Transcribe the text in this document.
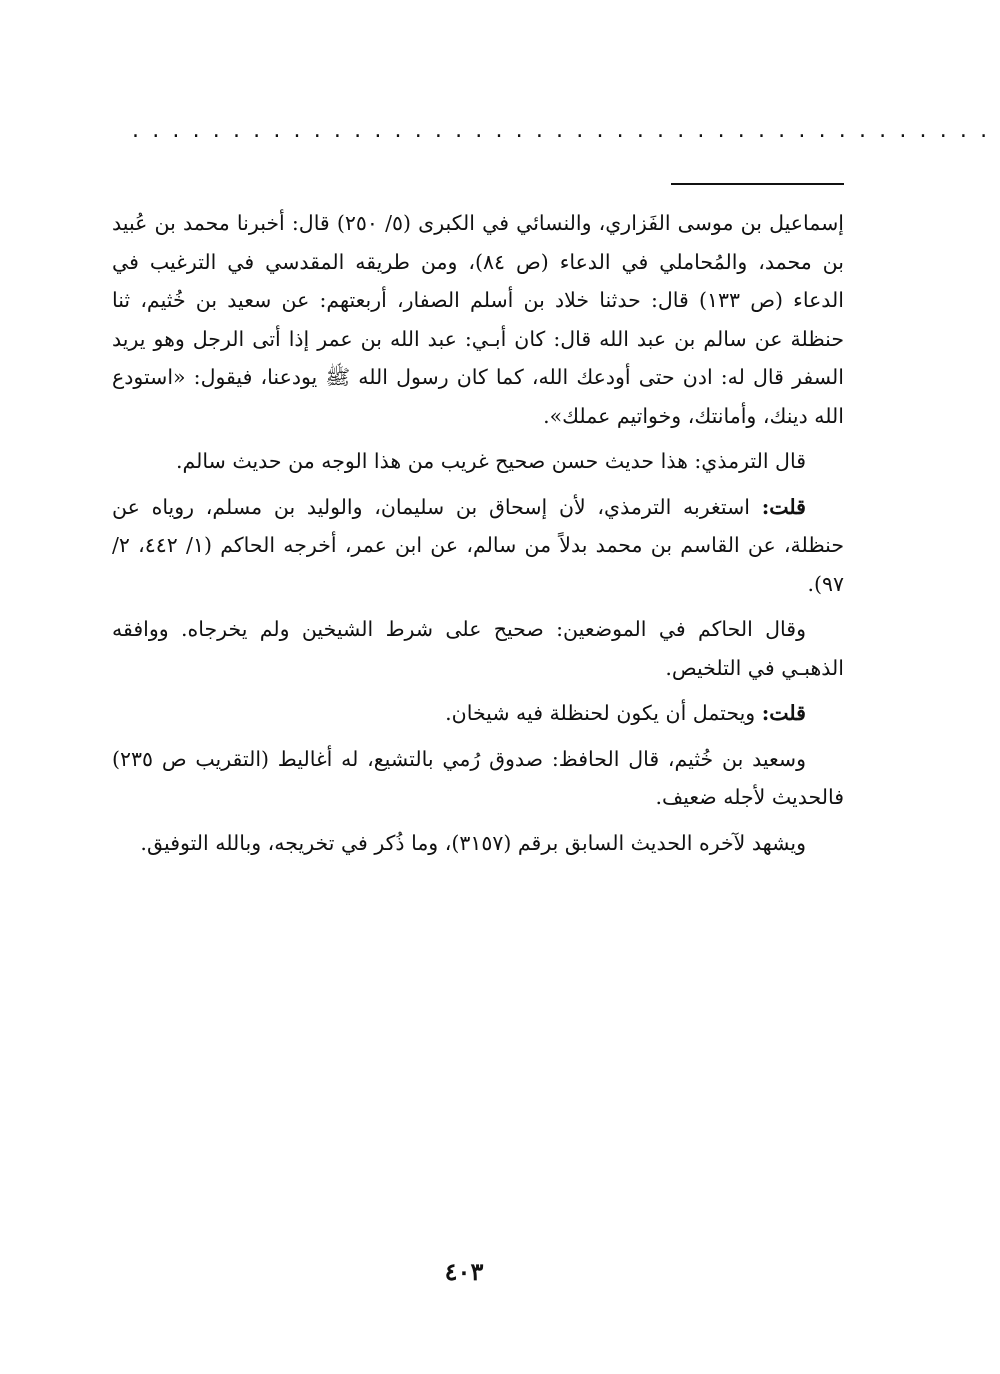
...........................................

إسماعيل بن موسى الفَزاري، والنسائي في الكبرى (٥/ ٢٥٠) قال: أخبرنا محمد بن عُبيد بن محمد، والمُحاملي في الدعاء (ص ٨٤)، ومن طريقه المقدسي في الترغيب في الدعاء (ص ١٣٣) قال: حدثنا خلاد بن أسلم الصفار، أربعتهم: عن سعيد بن خُثيم، ثنا حنظلة عن سالم بن عبد الله قال: كان أبـي: عبد الله بن عمر إذا أتى الرجل وهو يريد السفر قال له: ادن حتى أودعك الله، كما كان رسول الله ﷺ يودعنا، فيقول: «استودع الله دينك، وأمانتك، وخواتيم عملك».

قال الترمذي: هذا حديث حسن صحيح غريب من هذا الوجه من حديث سالم.

قلت: استغربه الترمذي، لأن إسحاق بن سليمان، والوليد بن مسلم، روياه عن حنظلة، عن القاسم بن محمد بدلاً من سالم، عن ابن عمر، أخرجه الحاكم (١/ ٤٤٢، ٢/ ٩٧).

وقال الحاكم في الموضعين: صحيح على شرط الشيخين ولم يخرجاه. ووافقه الذهبـي في التلخيص.

قلت: ويحتمل أن يكون لحنظلة فيه شيخان.

وسعيد بن خُثيم، قال الحافظ: صدوق رُمي بالتشيع، له أغاليط (التقريب ص ٢٣٥) فالحديث لأجله ضعيف.

ويشهد لآخره الحديث السابق برقم (٣١٥٧)، وما ذُكر في تخريجه، وبالله التوفيق.

٤٠٣
